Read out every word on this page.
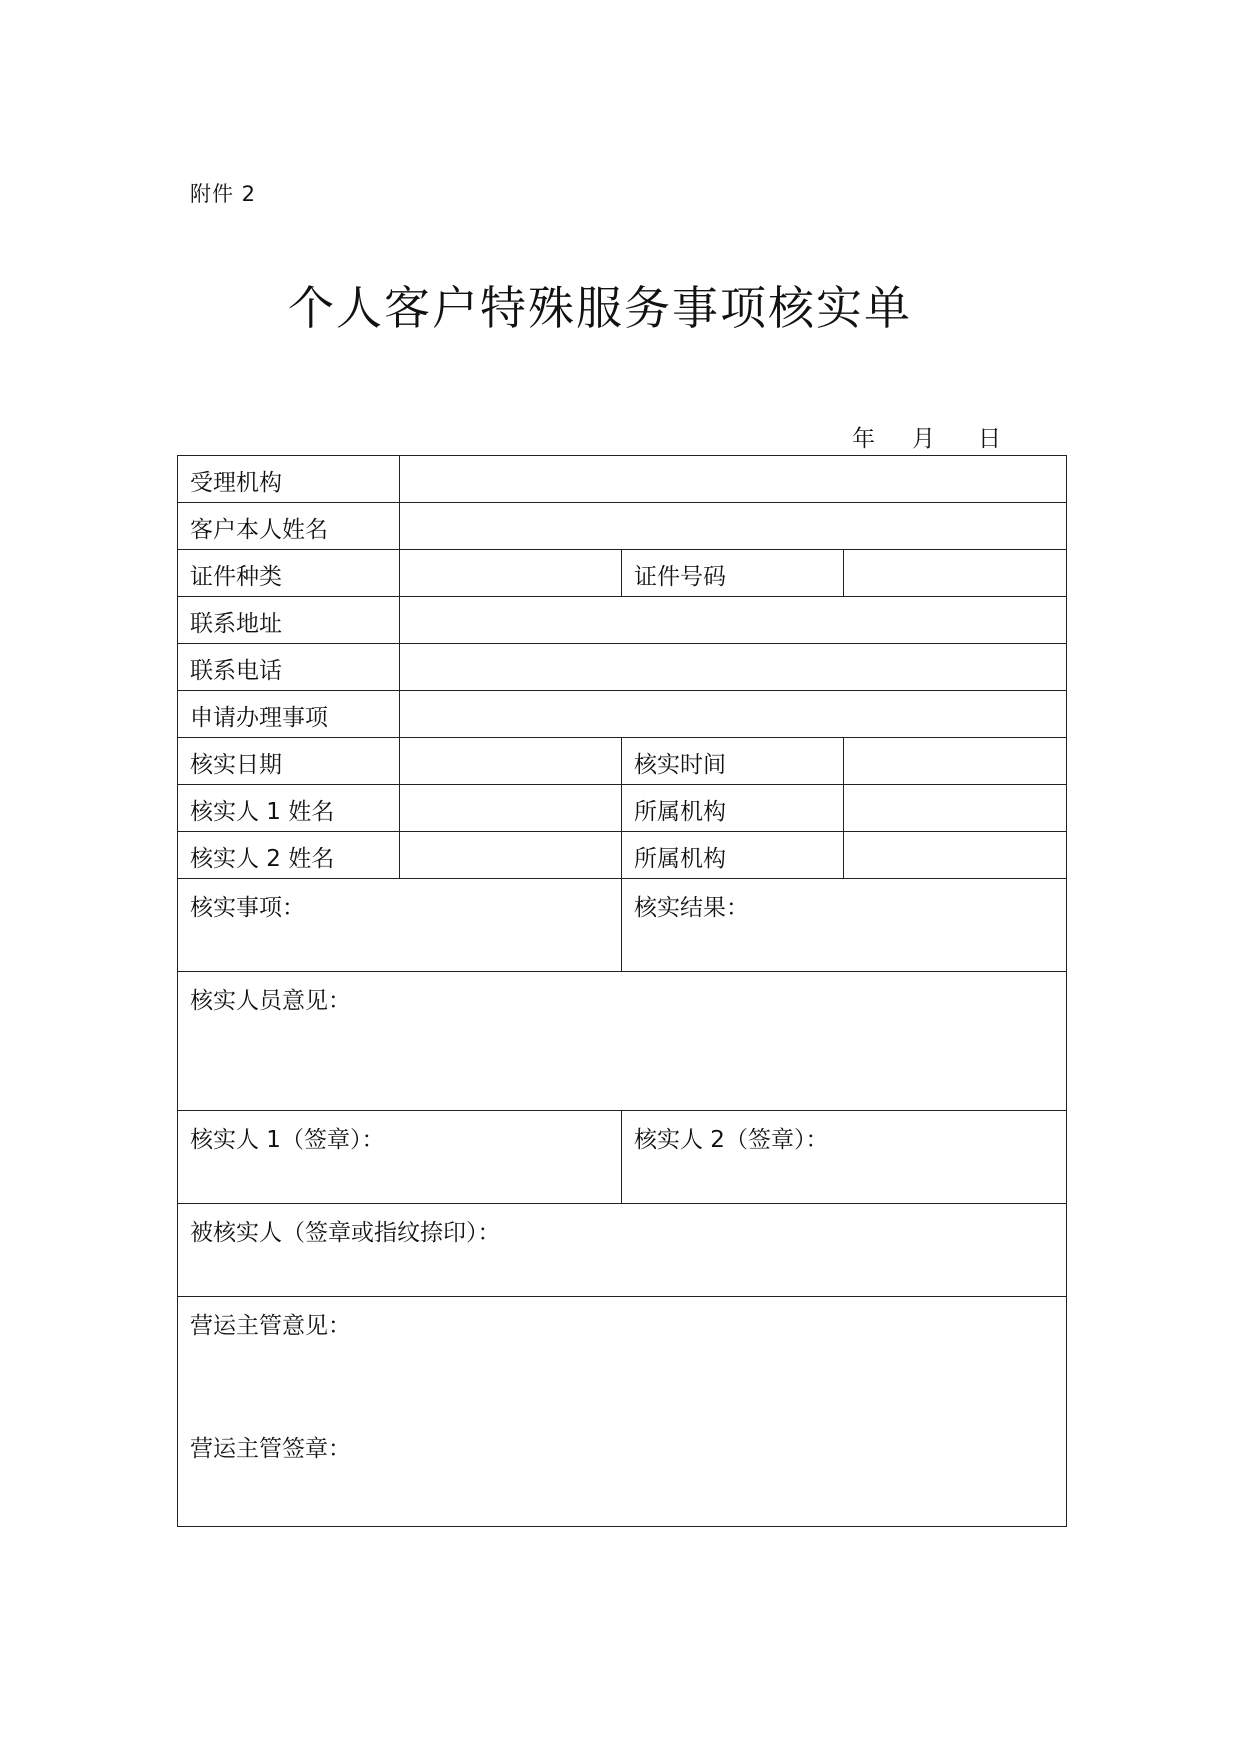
附件 2
个人客户特殊服务事项核实单
年 月 日
受理机构			
客户本人姓名			
证件种类		证件号码	
联系地址			
联系电话			
申请办理事项			
核实日期		核实时间	
核实人 1 姓名		所属机构	
核实人 2 姓名		所属机构	
核实事项：		核实结果：	
核实人员意见：			
核实人 1（签章）：		核实人 2（签章）：	
被核实人（签章或指纹捺印）：			
营运主管意见：
营运主管签章：			
